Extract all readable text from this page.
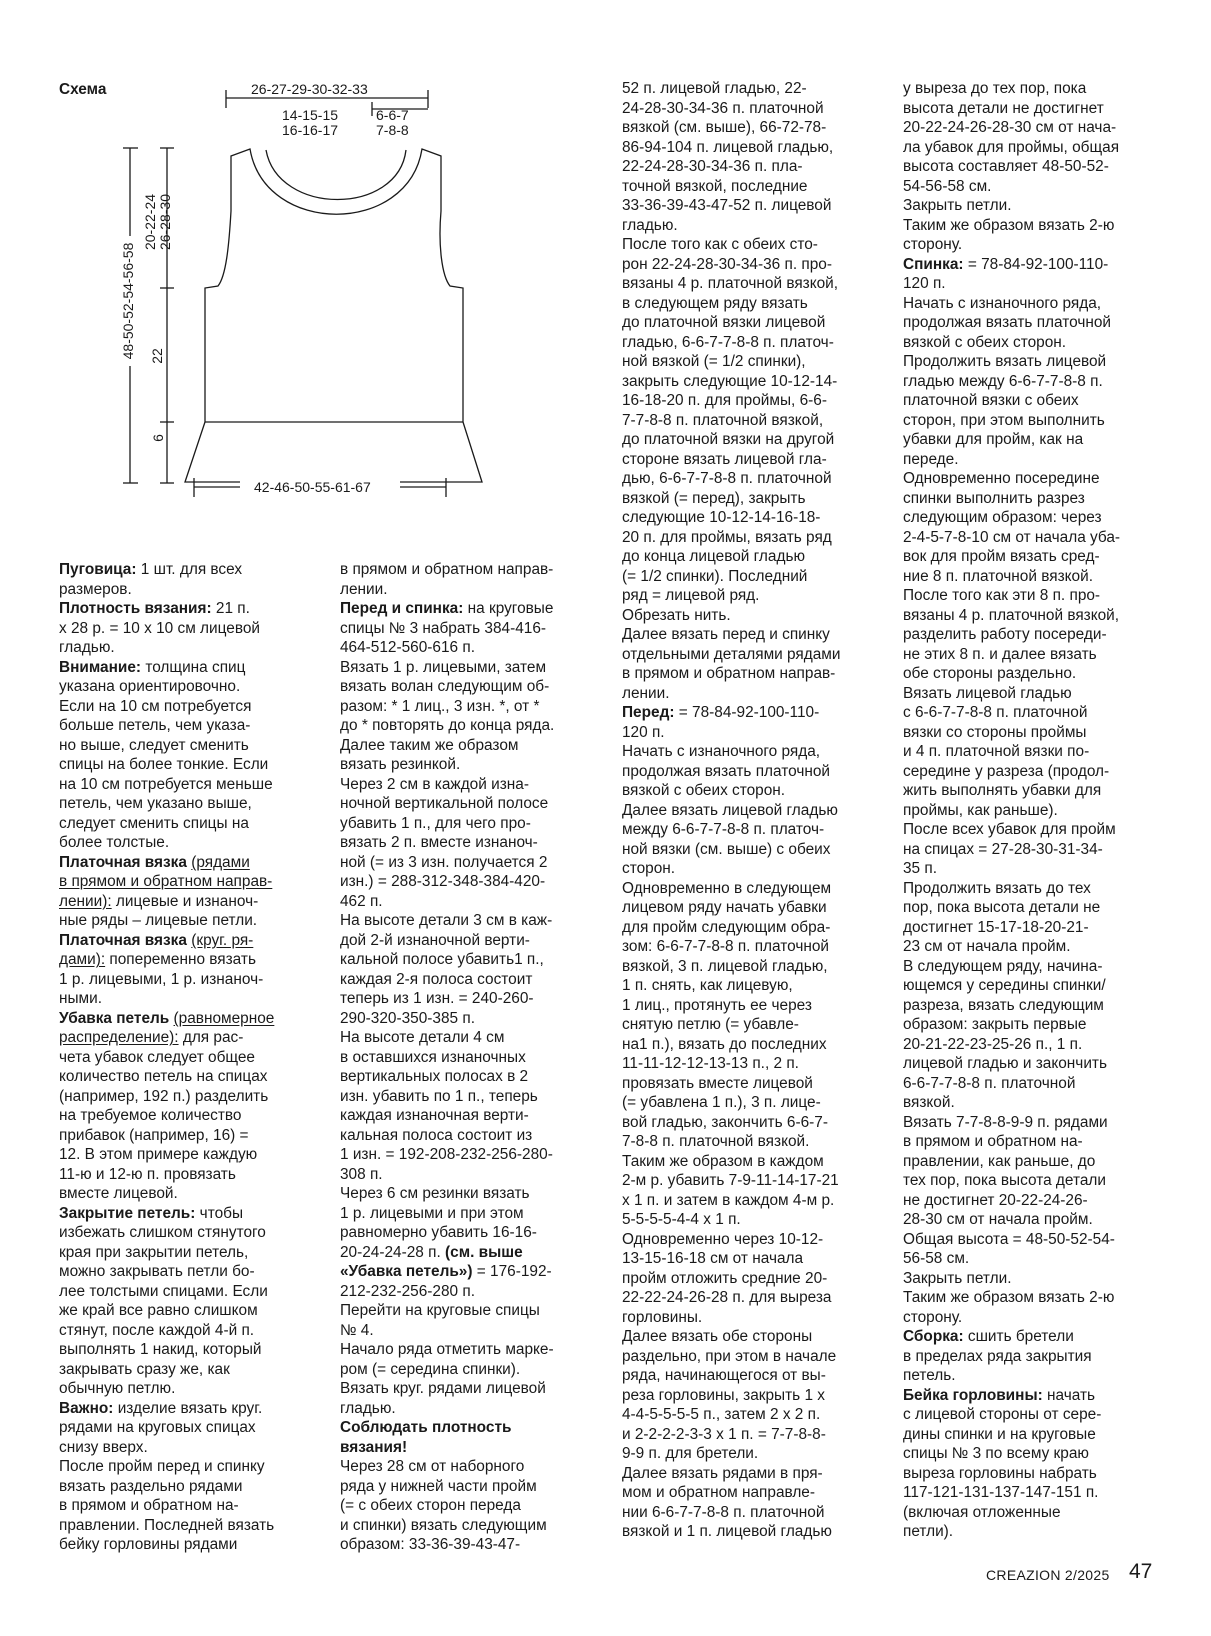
Схема	26-27-29-30-32-33
14-15-15
16-16-17
6-6-7
7-8-8
20-22-24 26-28-30
48-50-52-54-56-58 22
6
42-46-50-55-61-67

Пуговица: 1 шт. для всех

размеров.

Плотность вязания: 21 п.

х 28 р. = 10 х 10 см лицевой

гладью.

Внимание: толщина спиц

указана ориентировочно.

Если на 10 см потребуется

больше петель, чем указа-

но выше, следует сменить

спицы на более тонкие. Если

на 10 см потребуется меньше

петель, чем указано выше,

следует сменить спицы на

более толстые.

Платочная вязка (рядами

в прямом и обратном направ-

лении): лицевые и изнаноч-

ные ряды – лицевые петли.

Платочная вязка (круг. ря-

дами): попеременно вязать

1 р. лицевыми, 1 р. изнаноч-

ными.

Убавка петель (равномерное

распределение): для рас-

чета убавок следует общее

количество петель на спицах

(например, 192 п.) разделить

на требуемое количество

прибавок (например, 16) =

12. В этом примере каждую

11-ю и 12-ю п. провязать

вместе лицевой.

Закрытие петель: чтобы

избежать слишком стянутого

края при закрытии петель,

можно закрывать петли бо-

лее толстыми спицами. Если

же край все равно слишком

стянут, после каждой 4-й п.

выполнять 1 накид, который

закрывать сразу же, как

обычную петлю.

Важно: изделие вязать круг.

рядами на круговых спицах

снизу вверх.

После пройм перед и спинку

вязать раздельно рядами

в прямом и обратном на-

правлении. Последней вязать

бейку горловины рядами

в прямом и обратном направ-

лении.

Перед и спинка: на круговые

спицы № 3 набрать 384-416-

464-512-560-616 п.

Вязать 1 р. лицевыми, затем

вязать волан следующим об-

разом: * 1 лиц., 3 изн. *, от *

до * повторять до конца ряда.

Далее таким же образом

вязать резинкой.

Через 2 см в каждой изна-

ночной вертикальной полосе

убавить 1 п., для чего про-

вязать 2 п. вместе изнаноч-

ной (= из 3 изн. получается 2

изн.) = 288-312-348-384-420-

462 п.

На высоте детали 3 см в каж-

дой 2-й изнаночной верти-

кальной полосе убавить1 п.,

каждая 2-я полоса состоит

теперь из 1 изн. = 240-260-

290-320-350-385 п.

На высоте детали 4 см

в оставшихся изнаночных

вертикальных полосах в 2

изн. убавить по 1 п., теперь

каждая изнаночная верти-

кальная полоса состоит из

1 изн. = 192-208-232-256-280-

308 п.

Через 6 см резинки вязать

1 р. лицевыми и при этом

равномерно убавить 16-16-

20-24-24-28 п. (см. выше

«Убавка петель») = 176-192-

212-232-256-280 п.

Перейти на круговые спицы

№ 4.

Начало ряда отметить марке-

ром (= середина спинки).

Вязать круг. рядами лицевой

гладью.

Соблюдать плотность

вязания!

Через 28 см от наборного

ряда у нижней части пройм

(= с обеих сторон переда

и спинки) вязать следующим

образом: 33-36-39-43-47-

52 п. лицевой гладью, 22-

24-28-30-34-36 п. платочной

вязкой (см. выше), 66-72-78-

86-94-104 п. лицевой гладью,

22-24-28-30-34-36 п. пла-

точной вязкой, последние

33-36-39-43-47-52 п. лицевой

гладью.

После того как с обеих сто-

рон 22-24-28-30-34-36 п. про-

вязаны 4 р. платочной вязкой,

в следующем ряду вязать

до платочной вязки лицевой

гладью, 6-6-7-7-8-8 п. платоч-

ной вязкой (= 1/2 спинки),

закрыть следующие 10-12-14-

16-18-20 п. для проймы, 6-6-

7-7-8-8 п. платочной вязкой,

до платочной вязки на другой

стороне вязать лицевой гла-

дью, 6-6-7-7-8-8 п. платочной

вязкой (= перед), закрыть

следующие 10-12-14-16-18-

20 п. для проймы, вязать ряд

до конца лицевой гладью

(= 1/2 спинки). Последний

ряд = лицевой ряд.

Обрезать нить.

Далее вязать перед и спинку

отдельными деталями рядами

в прямом и обратном направ-

лении.

Перед: = 78-84-92-100-110-

120 п.

Начать с изнаночного ряда,

продолжая вязать платочной

вязкой с обеих сторон.

Далее вязать лицевой гладью

между 6-6-7-7-8-8 п. платоч-

ной вязки (см. выше) с обеих

сторон.

Одновременно в следующем

лицевом ряду начать убавки

для пройм следующим обра-

зом: 6-6-7-7-8-8 п. платочной

вязкой, 3 п. лицевой гладью,

1 п. снять, как лицевую,

1 лиц., протянуть ее через

снятую петлю (= убавле-

на1 п.), вязать до последних

11-11-12-12-13-13 п., 2 п.

провязать вместе лицевой

(= убавлена 1 п.), 3 п. лице-

вой гладью, закончить 6-6-7-

7-8-8 п. платочной вязкой.

Таким же образом в каждом

2-м р. убавить 7-9-11-14-17-21

х 1 п. и затем в каждом 4-м р.

5-5-5-5-4-4 х 1 п.

Одновременно через 10-12-

13-15-16-18 см от начала

пройм отложить средние 20-

22-22-24-26-28 п. для выреза

горловины.

Далее вязать обе стороны

раздельно, при этом в начале

ряда, начинающегося от вы-

реза горловины, закрыть 1 х

4-4-5-5-5-5 п., затем 2 х 2 п.

и 2-2-2-2-3-3 х 1 п. = 7-7-8-8-

9-9 п. для бретели.

Далее вязать рядами в пря-

мом и обратном направле-

нии 6-6-7-7-8-8 п. платочной

вязкой и 1 п. лицевой гладью

у выреза до тех пор, пока

высота детали не достигнет

20-22-24-26-28-30 см от нача-

ла убавок для проймы, общая

высота составляет 48-50-52-

54-56-58 см.

Закрыть петли.

Таким же образом вязать 2-ю

сторону.

Спинка: = 78-84-92-100-110-

120 п.

Начать с изнаночного ряда,

продолжая вязать платочной

вязкой с обеих сторон.

Продолжить вязать лицевой

гладью между 6-6-7-7-8-8 п.

платочной вязки с обеих

сторон, при этом выполнить

убавки для пройм, как на

переде.

Одновременно посередине

спинки выполнить разрез

следующим образом: через

2-4-5-7-8-10 см от начала уба-

вок для пройм вязать сред-

ние 8 п. платочной вязкой.

После того как эти 8 п. про-

вязаны 4 р. платочной вязкой,

разделить работу посереди-

не этих 8 п. и далее вязать

обе стороны раздельно.

Вязать лицевой гладью

с 6-6-7-7-8-8 п. платочной

вязки со стороны проймы

и 4 п. платочной вязки по-

середине у разреза (продол-

жить выполнять убавки для

проймы, как раньше).

После всех убавок для пройм

на спицах = 27-28-30-31-34-

35 п.

Продолжить вязать до тех

пор, пока высота детали не

достигнет 15-17-18-20-21-

23 см от начала пройм.

В следующем ряду, начина-

ющемся у середины спинки/

разреза, вязать следующим

образом: закрыть первые

20-21-22-23-25-26 п., 1 п.

лицевой гладью и закончить

6-6-7-7-8-8 п. платочной

вязкой.

Вязать 7-7-8-8-9-9 п. рядами

в прямом и обратном на-

правлении, как раньше, до

тех пор, пока высота детали

не достигнет 20-22-24-26-

28-30 см от начала пройм.

Общая высота = 48-50-52-54-

56-58 см.

Закрыть петли.

Таким же образом вязать 2-ю

сторону.

Сборка: сшить бретели

в пределах ряда закрытия

петель.

Бейка горловины: начать

с лицевой стороны от сере-

дины спинки и на круговые

спицы № 3 по всему краю

выреза горловины набрать

117-121-131-137-147-151 п.

(включая отложенные

петли).

CREAZION 2/2025 47
